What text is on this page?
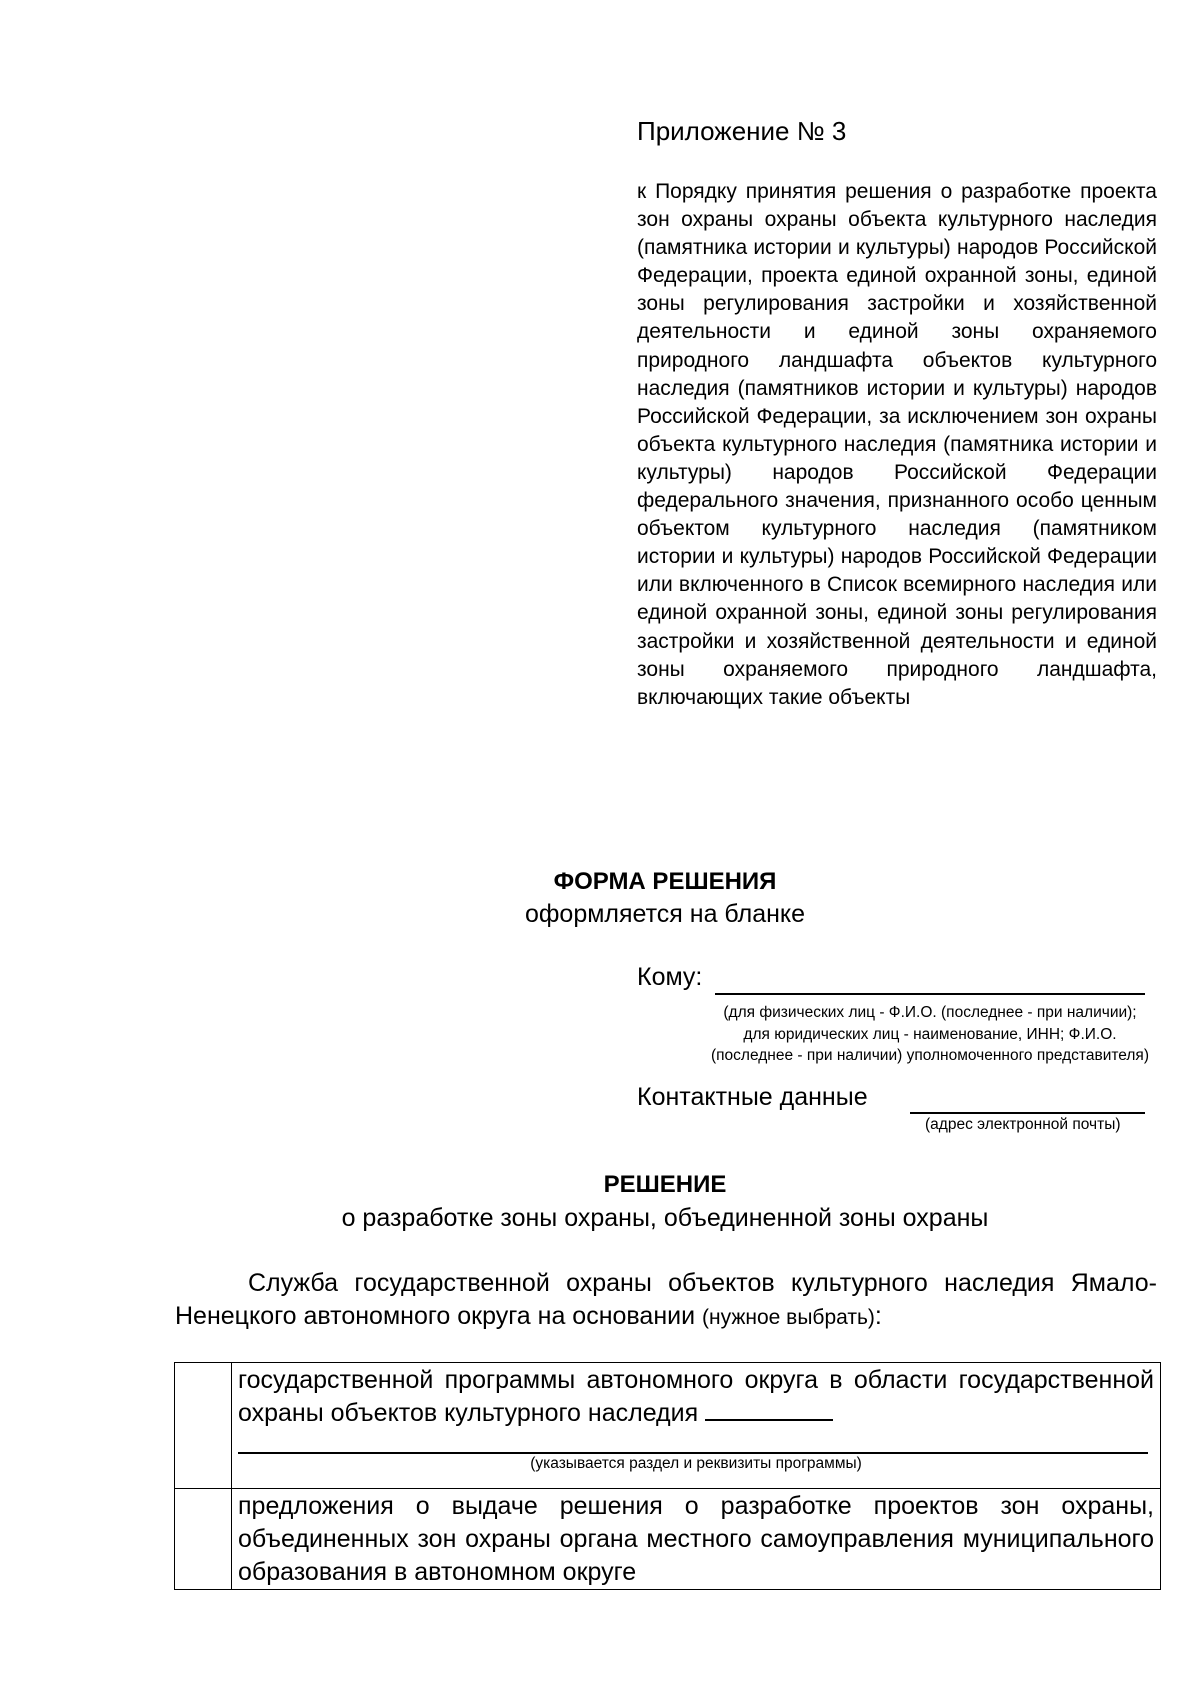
Приложение № 3

к Порядку принятия решения о разработке проекта зон охраны охраны объекта культурного наследия (памятника истории и культуры) народов Российской Федерации, проекта единой охранной зоны, единой зоны регулирования застройки и хозяйственной деятельности и единой зоны охраняемого природного ландшафта объектов культурного наследия (памятников истории и культуры) народов Российской Федерации, за исключением зон охраны объекта культурного наследия (памятника истории и культуры) народов Российской Федерации федерального значения, признанного особо ценным объектом культурного наследия (памятником истории и культуры) народов Российской Федерации или включенного в Список всемирного наследия или единой охранной зоны, единой зоны регулирования застройки и хозяйственной деятельности и единой зоны охраняемого природного ландшафта, включающих такие объекты

ФОРМА РЕШЕНИЯ
оформляется на бланке
Кому:

(для физических лиц - Ф.И.О. (последнее - при наличии); для юридических лиц - наименование, ИНН; Ф.И.О. (последнее - при наличии) уполномоченного представителя)

Контактные данные
(адрес электронной почты)
РЕШЕНИЕ
о разработке зоны охраны, объединенной зоны охраны

Служба государственной охраны объектов культурного наследия Ямало-Ненецкого автономного округа на основании (нужное выбрать):

	государственной программы автономного округа в области государственной охраны объектов культурного наследия
(указывается раздел и реквизиты программы)

	предложения о выдаче решения о разработке проектов зон охраны, объединенных зон охраны органа местного самоуправления муниципального образования в автономном округе
